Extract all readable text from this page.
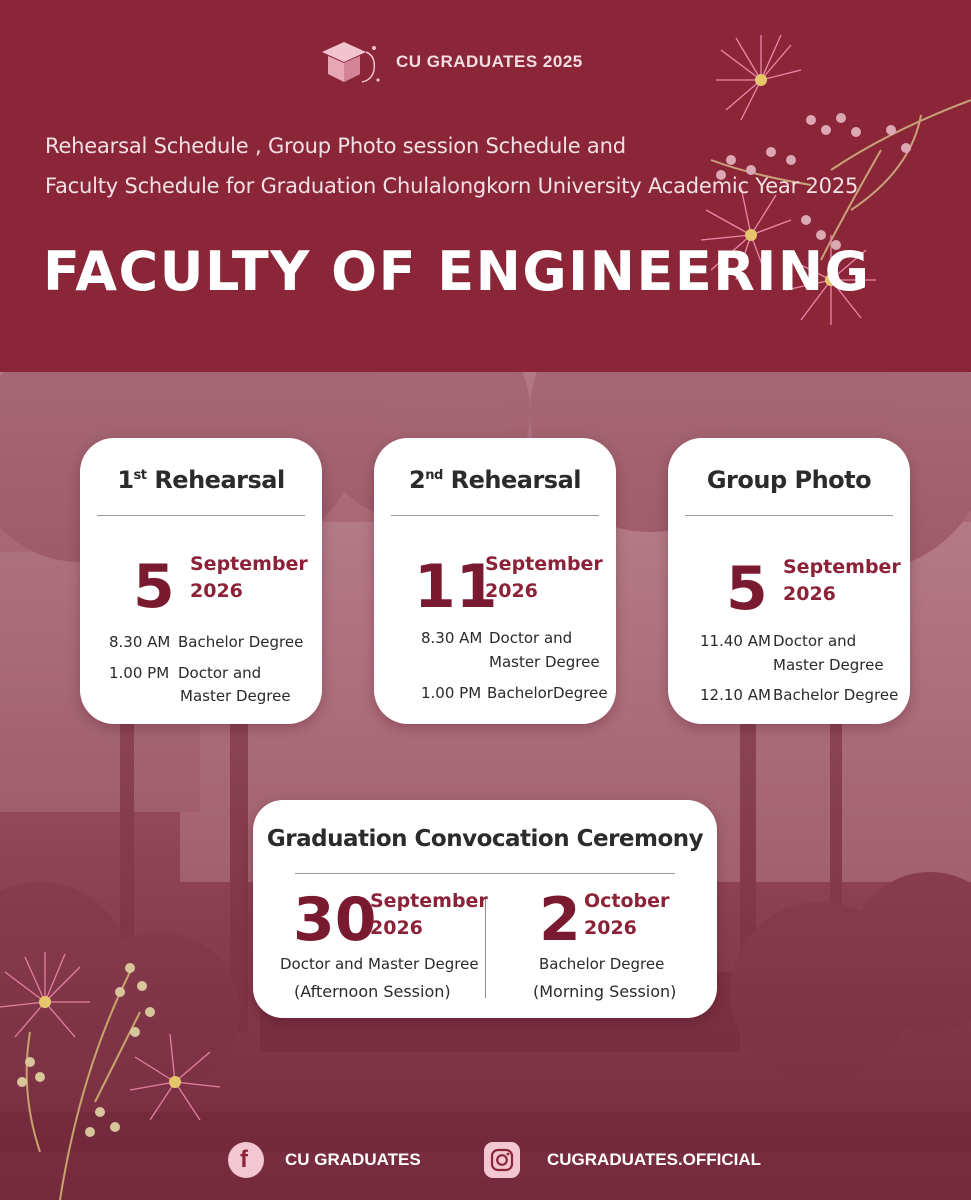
CU GRADUATES 2025
Rehearsal Schedule , Group Photo session Schedule and
Faculty Schedule for Graduation Chulalongkorn University Academic Year 2025
FACULTY OF ENGINEERING
1st Rehearsal
5 September
2026
8.30 AM Bachelor Degree
1.00 PM Doctor and
Master Degree
2nd Rehearsal
11
September
2026
8.30 AM Doctor and
Master Degree
1.00 PM BachelorDegree
Group Photo
5 September
2026
11.40 AM Doctor and
Master Degree
12.10 AM Bachelor Degree
Graduation Convocation Ceremony
30
September
2026
Doctor and Master Degree
(Afternoon Session)
2 October
2026
Bachelor Degree
(Morning Session)
f CU GRADUATES	CUGRADUATES.OFFICIAL
